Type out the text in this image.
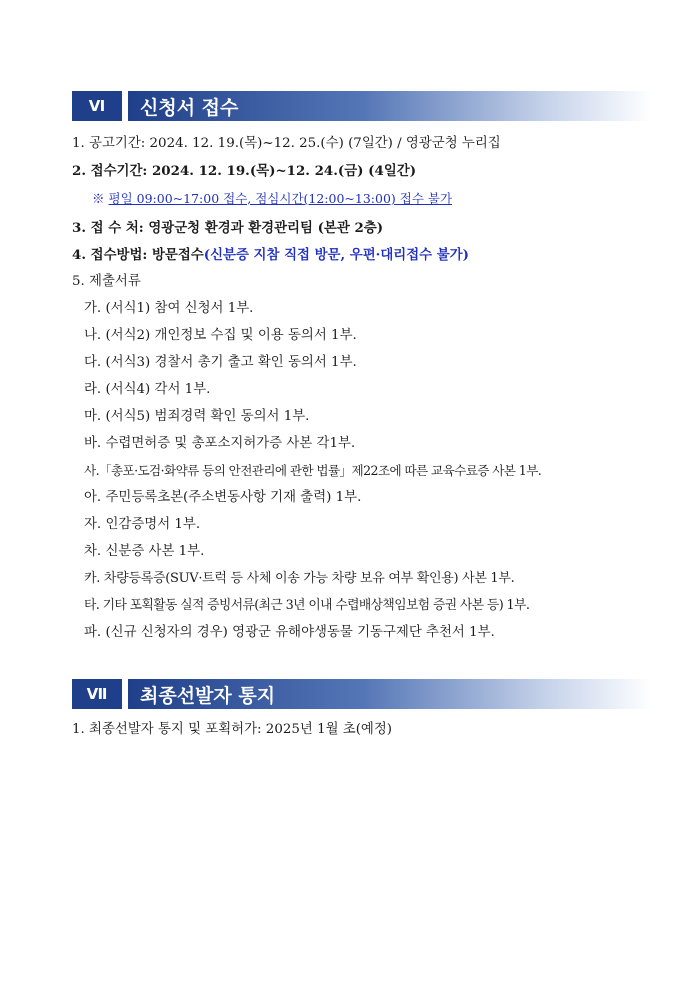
Ⅵ	신청서 접수
1. 공고기간: 2024. 12. 19.(목)~12. 25.(수) (7일간) / 영광군청 누리집
2. 접수기간: 2024. 12. 19.(목)~12. 24.(금) (4일간)
※ 평일 09:00~17:00 접수, 점심시간(12:00~13:00) 접수 불가
3. 접 수 처: 영광군청 환경과 환경관리팀 (본관 2층)
4. 접수방법: 방문접수(신분증 지참 직접 방문, 우편·대리접수 불가)
5. 제출서류
가. (서식1) 참여 신청서 1부.
나. (서식2) 개인정보 수집 및 이용 동의서 1부.
다. (서식3) 경찰서 총기 출고 확인 동의서 1부.
라. (서식4) 각서 1부.
마. (서식5) 범죄경력 확인 동의서 1부.
바. 수렵면허증 및 총포소지허가증 사본 각1부.
사.「총포·도검·화약류 등의 안전관리에 관한 법률」제22조에 따른 교육수료증 사본 1부.
아. 주민등록초본(주소변동사항 기재 출력) 1부.
자. 인감증명서 1부.
차. 신분증 사본 1부.
카. 차량등록증(SUV·트럭 등 사체 이송 가능 차량 보유 여부 확인용) 사본 1부.
타. 기타 포획활동 실적 증빙서류(최근 3년 이내 수렵배상책임보험 증권 사본 등) 1부.
파. (신규 신청자의 경우) 영광군 유해야생동물 기동구제단 추천서 1부.
Ⅶ	최종선발자 통지
1. 최종선발자 통지 및 포획허가: 2025년 1월 초(예정)
